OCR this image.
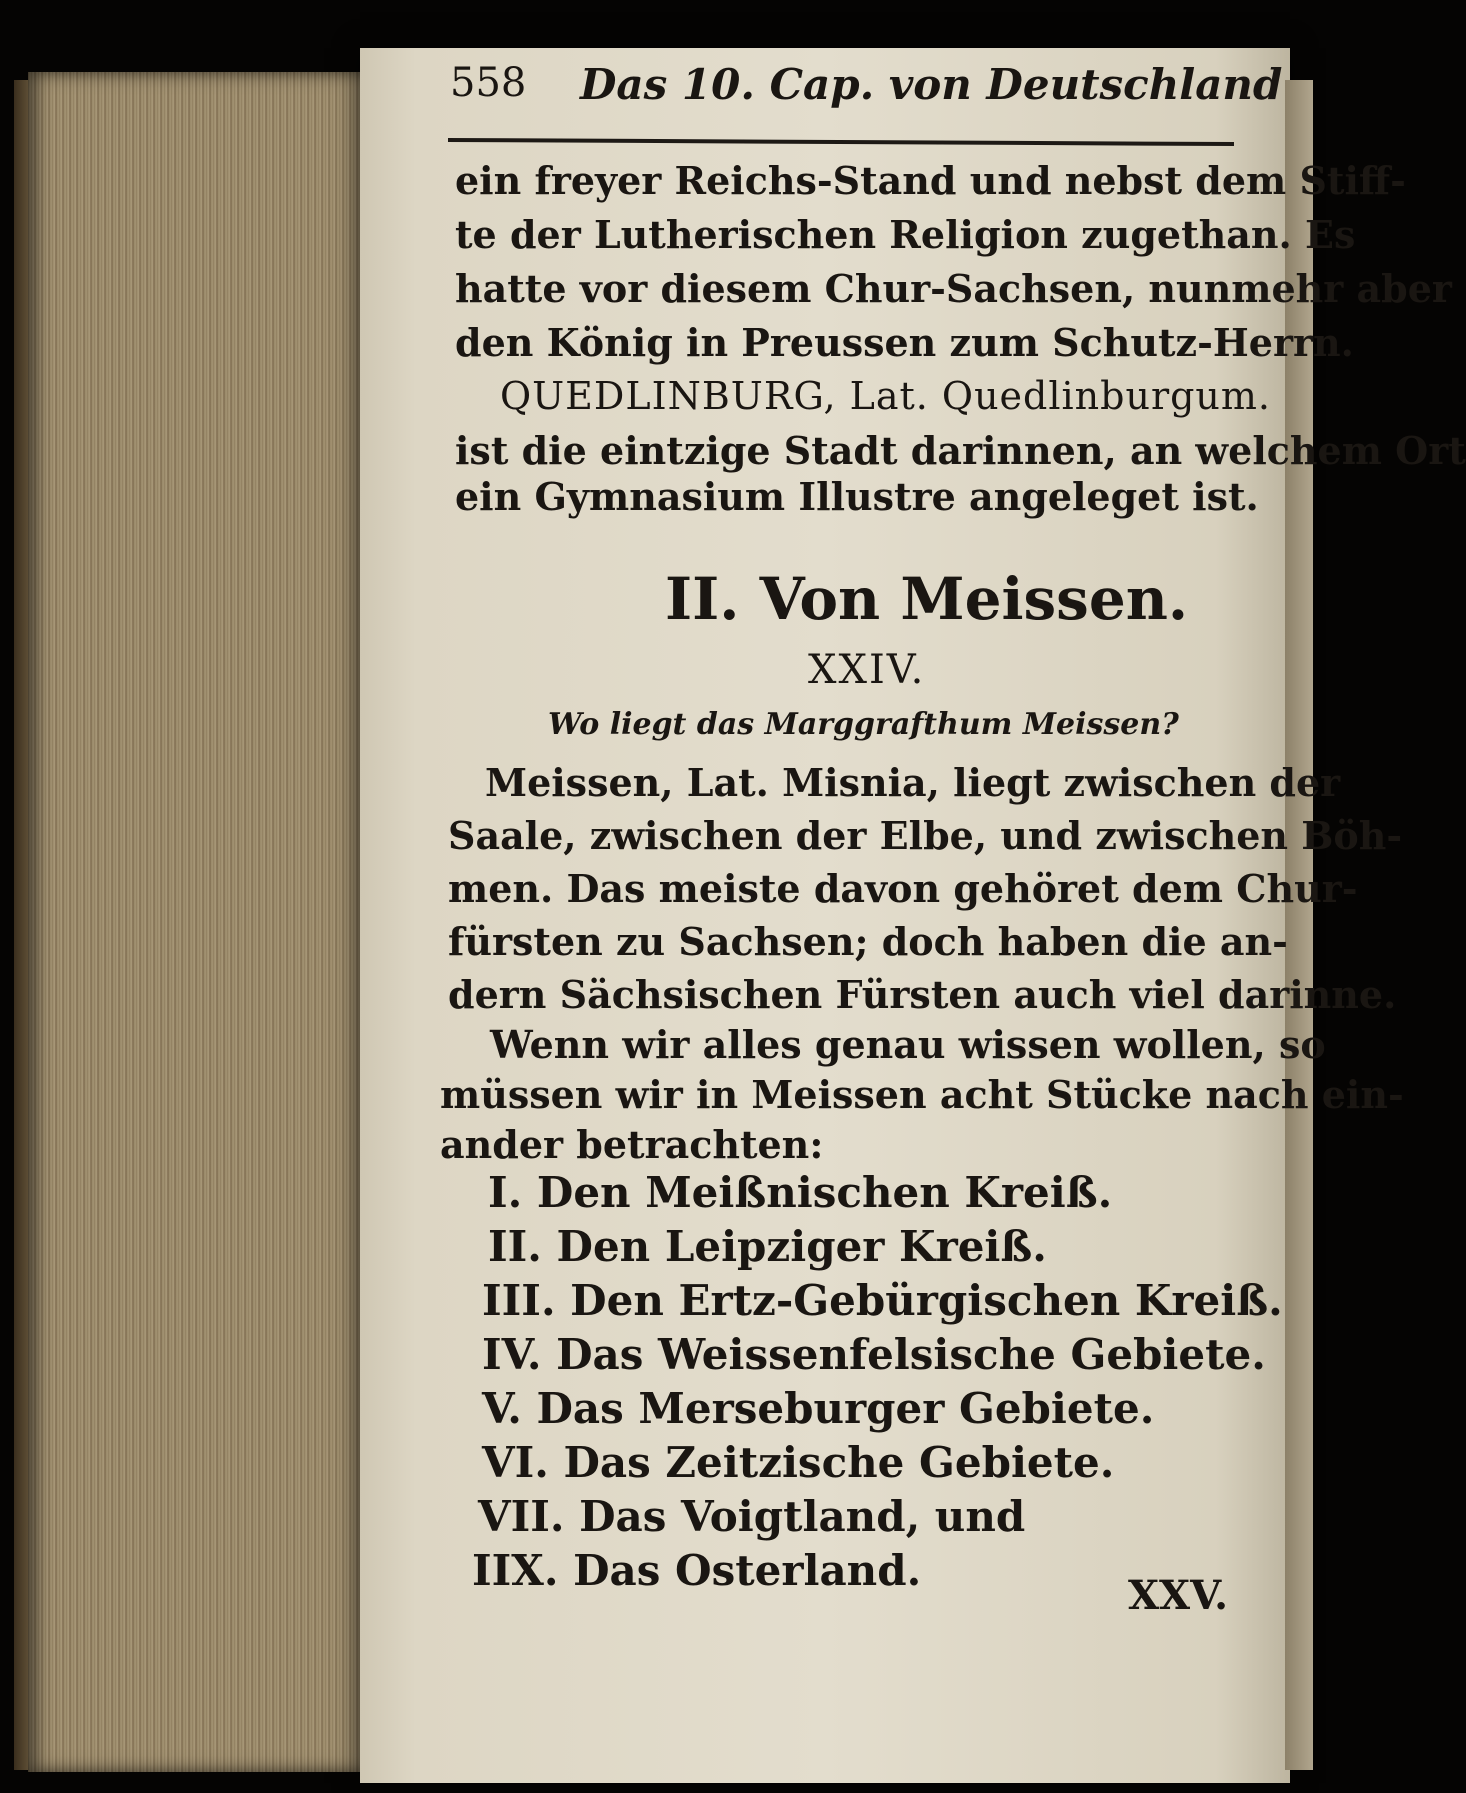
558 Das 10. Cap. von Deutschland
ein freyer Reichs-Stand und nebst dem Stiff-
te der Lutherischen Religion zugethan. Es
hatte vor diesem Chur-Sachsen, nunmehr aber
den König in Preussen zum Schutz-Herrn.
QUEDLINBURG, Lat. Quedlinburgum.
ist die eintzige Stadt darinnen, an welchem Ort
ein Gymnasium Illustre angeleget ist.
II. Von Meissen.
XXIV.
Wo liegt das Marggrafthum Meissen?
Meissen, Lat. Misnia, liegt zwischen der
Saale, zwischen der Elbe, und zwischen Böh-
men. Das meiste davon gehöret dem Chur-
fürsten zu Sachsen; doch haben die an-
dern Sächsischen Fürsten auch viel darinne.
Wenn wir alles genau wissen wollen, so
müssen wir in Meissen acht Stücke nach ein-
ander betrachten:
I. Den Meißnischen Kreiß.
II. Den Leipziger Kreiß.
III. Den Ertz-Gebürgischen Kreiß.
IV. Das Weissenfelsische Gebiete.
V. Das Merseburger Gebiete.
VI. Das Zeitzische Gebiete.
VII. Das Voigtland, und
IIX. Das Osterland.
XXV.
